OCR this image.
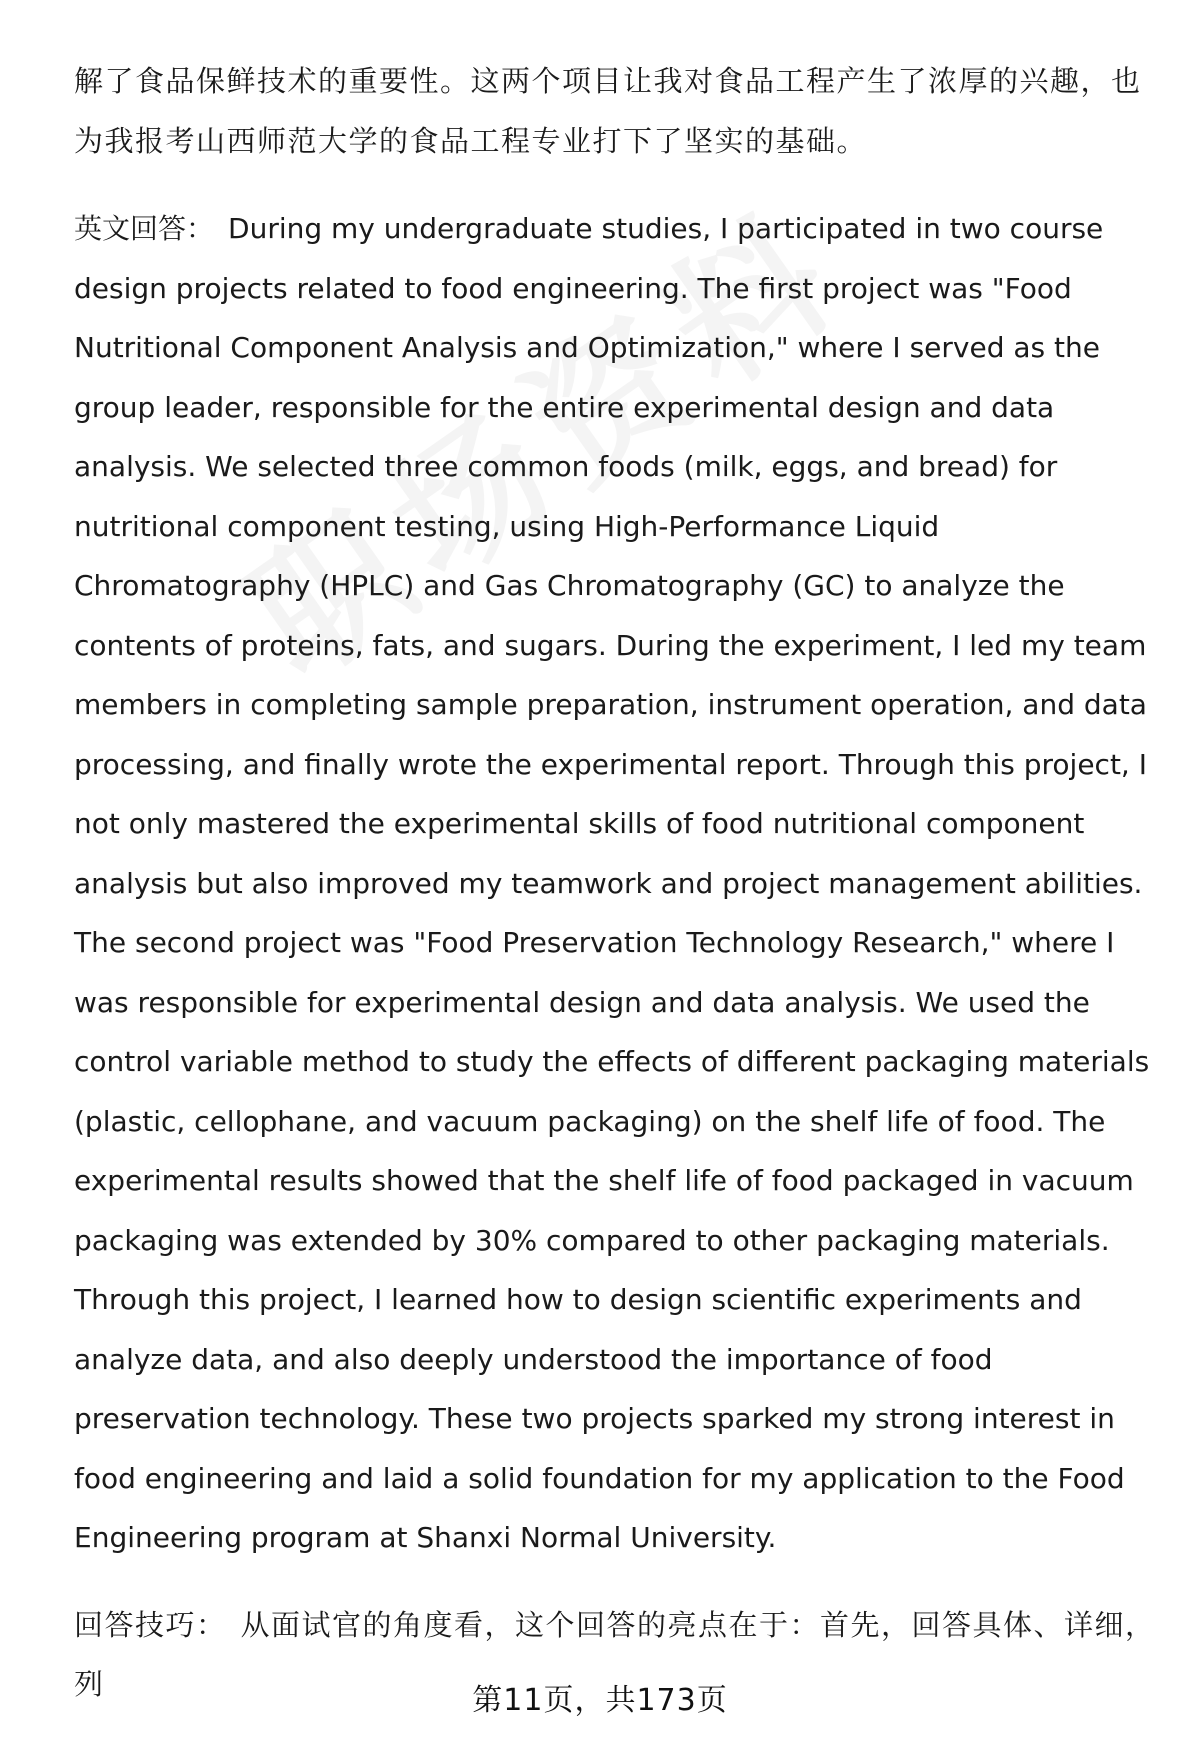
解了食品保鲜技术的重要性。这两个项目让我对食品工程产生了浓厚的兴趣，也为我报考山西师范大学的食品工程专业打下了坚实的基础。

英文回答： During my undergraduate studies, I participated in two course design projects related to food engineering. The first project was "Food Nutritional Component Analysis and Optimization," where I served as the group leader, responsible for the entire experimental design and data analysis. We selected three common foods (milk, eggs, and bread) for nutritional component testing, using High-Performance Liquid Chromatography (HPLC) and Gas Chromatography (GC) to analyze the contents of proteins, fats, and sugars. During the experiment, I led my team members in completing sample preparation, instrument operation, and data processing, and finally wrote the experimental report. Through this project, I not only mastered the experimental skills of food nutritional component analysis but also improved my teamwork and project management abilities. The second project was "Food Preservation Technology Research," where I was responsible for experimental design and data analysis. We used the control variable method to study the effects of different packaging materials (plastic, cellophane, and vacuum packaging) on the shelf life of food. The experimental results showed that the shelf life of food packaged in vacuum packaging was extended by 30% compared to other packaging materials. Through this project, I learned how to design scientific experiments and analyze data, and also deeply understood the importance of food preservation technology. These two projects sparked my strong interest in food engineering and laid a solid foundation for my application to the Food Engineering program at Shanxi Normal University.

回答技巧： 从面试官的角度看，这个回答的亮点在于：首先，回答具体、详细，列	第11页，共173页
